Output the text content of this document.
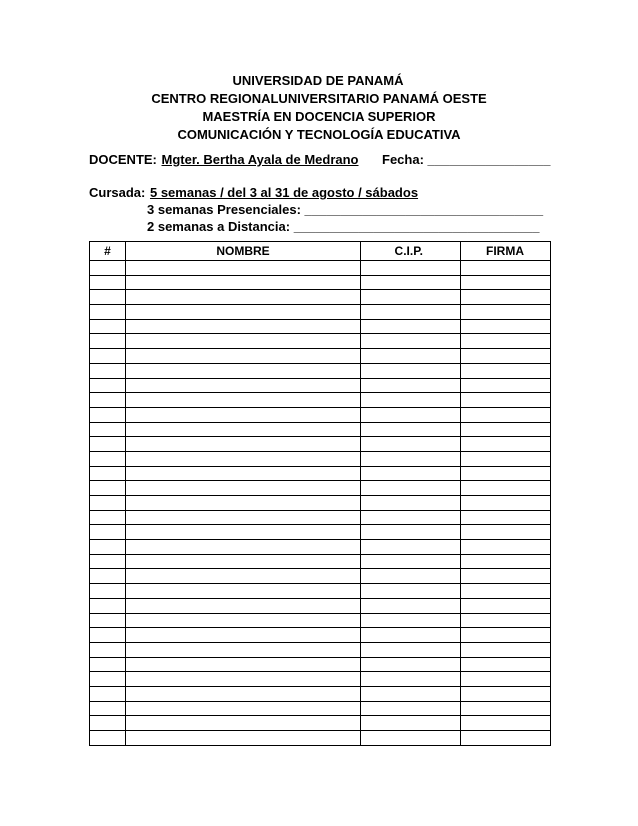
UNIVERSIDAD DE PANAMÁ
CENTRO REGIONALUNIVERSITARIO PANAMÁ OESTE
MAESTRÍA EN DOCENCIA SUPERIOR
COMUNICACIÓN Y TECNOLOGÍA EDUCATIVA
DOCENTE: Mgter. Bertha Ayala de Medrano Fecha: _________________
Cursada: 5 semanas / del 3 al 31 de agosto / sábados
3 semanas Presenciales: _________________________________
2 semanas a Distancia: __________________________________
#	NOMBRE	C.I.P.	FIRMA
